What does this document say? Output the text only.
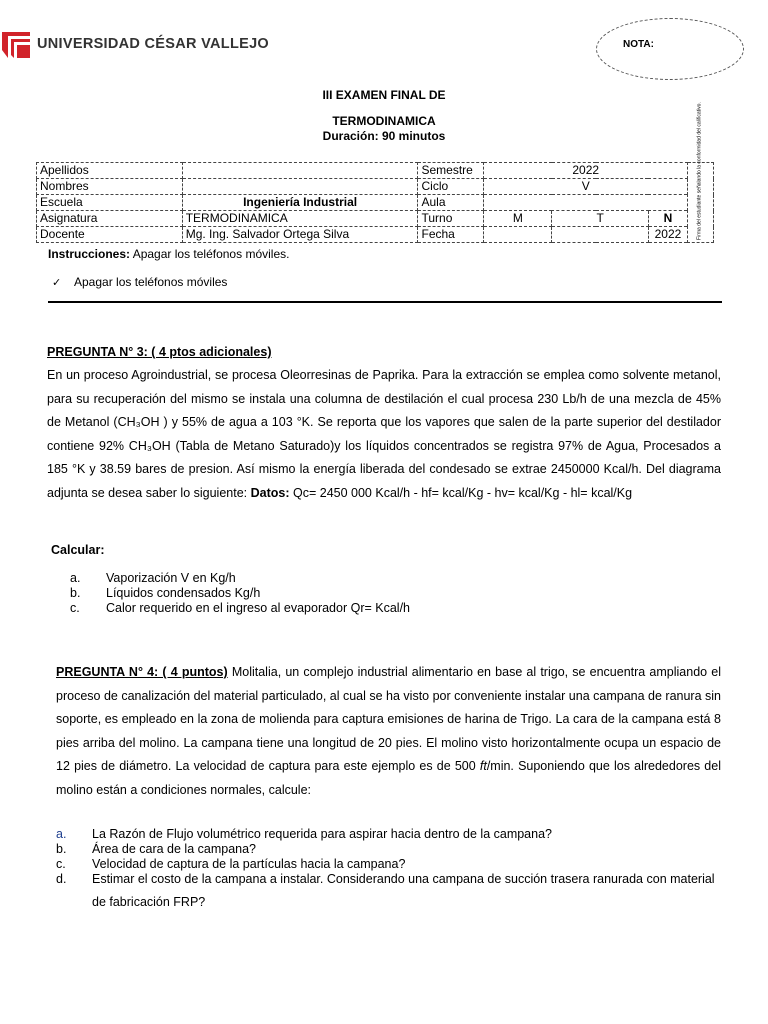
UNIVERSIDAD CÉSAR VALLEJO	NOTA:
III EXAMEN FINAL DE
TERMODINAMICA
Duración: 90 minutos
Apellidos		Semestre	2022			Firma del estudiante señalando la conformidad del calificativo.
Nombres		Ciclo	V			
Escuela	Ingeniería Industrial	Aula				
Asignatura	TERMODINAMICA	Turno	M	T	N	
Docente	Mg. Ing. Salvador Ortega Silva	Fecha			2022	
Instrucciones: Apagar los teléfonos móviles.
✓	Apagar los teléfonos móviles
PREGUNTA N° 3: ( 4 ptos adicionales)
En un proceso Agroindustrial, se procesa Oleorresinas de Paprika. Para la extracción se emplea como solvente metanol, para su recuperación del mismo se instala una columna de destilación el cual procesa 230 Lb/h de una mezcla de 45% de Metanol (CH₃OH ) y 55% de agua a 103 °K. Se reporta que los vapores que salen de la parte superior del destilador contiene 92% CH₃OH (Tabla de Metano Saturado)y los líquidos concentrados se registra 97% de Agua, Procesados a 185 °K y 38.59 bares de presion. Así mismo la energía liberada del condesado se extrae 2450000 Kcal/h. Del diagrama adjunta se desea saber lo siguiente: Datos: Qc= 2450 000 Kcal/h - hf= kcal/Kg - hv= kcal/Kg - hl= kcal/Kg
Calcular:
a.	Vaporización V en Kg/h
b.	Líquidos condensados Kg/h
c.	Calor requerido en el ingreso al evaporador Qr= Kcal/h
PREGUNTA N° 4: ( 4 puntos) Molitalia, un complejo industrial alimentario en base al trigo, se encuentra ampliando el proceso de canalización del material particulado, al cual se ha visto por conveniente instalar una campana de ranura sin soporte, es empleado en la zona de molienda para captura emisiones de harina de Trigo. La cara de la campana está 8 pies arriba del molino. La campana tiene una longitud de 20 pies. El molino visto horizontalmente ocupa un espacio de 12 pies de diámetro. La velocidad de captura para este ejemplo es de 500 ft/min. Suponiendo que los alrededores del molino están a condiciones normales, calcule:
a.	La Razón de Flujo volumétrico requerida para aspirar hacia dentro de la campana?
b.	Área de cara de la campana?
c.	Velocidad de captura de la partículas hacia la campana?
d.	Estimar el costo de la campana a instalar. Considerando una campana de succión trasera ranurada con material de fabricación FRP?
